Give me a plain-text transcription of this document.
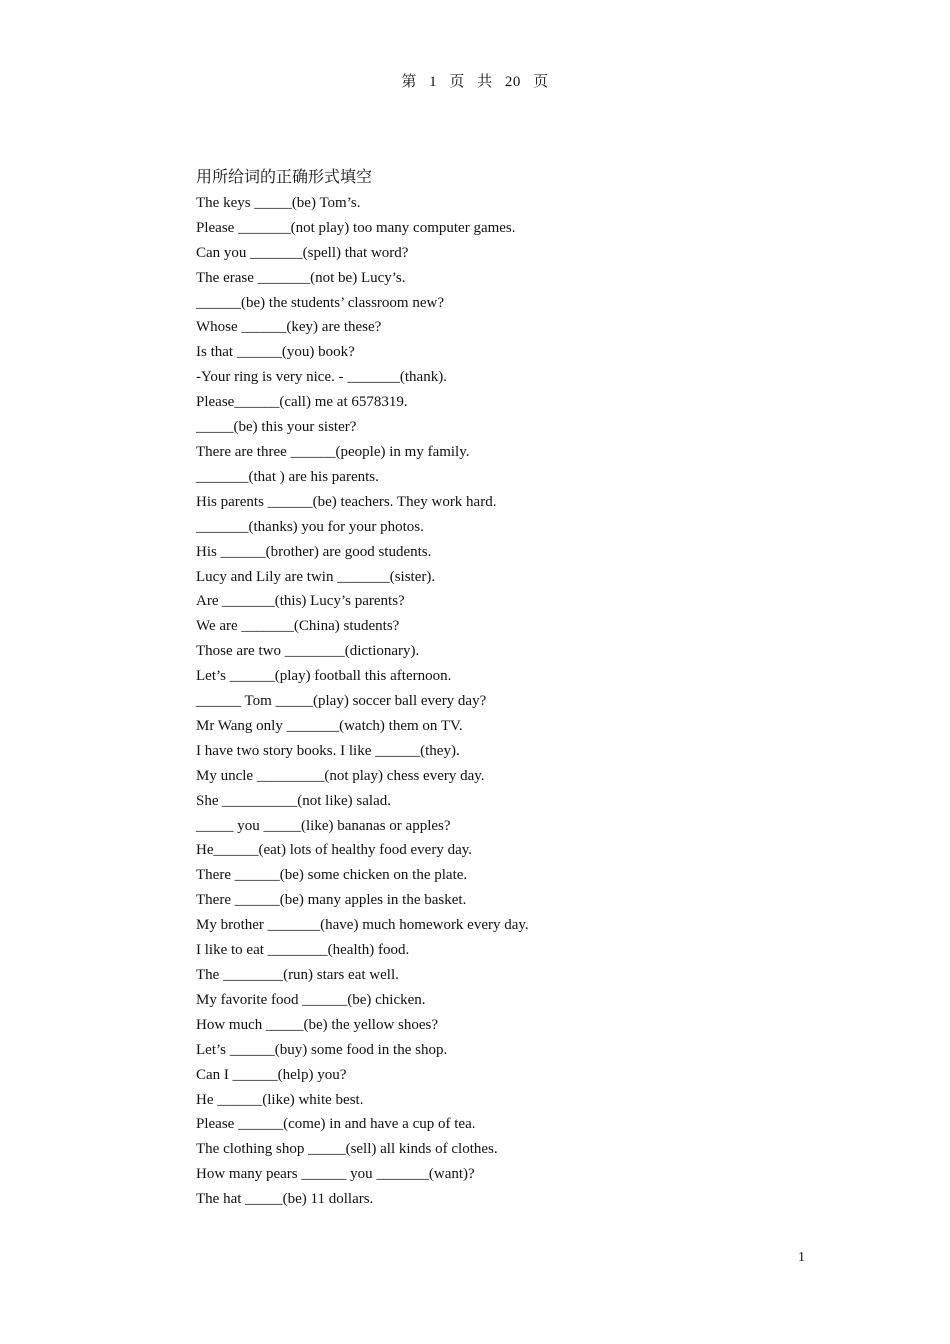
第 1 页 共 20 页
用所给词的正确形式填空
The keys _____(be) Tom’s.
Please _______(not play) too many computer games.
Can you _______(spell) that word?
The erase _______(not be) Lucy’s.
______(be) the students’ classroom new?
Whose ______(key) are these?
Is that ______(you) book?
-Your ring is very nice. - _______(thank).
Please______(call) me at 6578319.
_____(be) this your sister?
There are three ______(people) in my family.
_______(that ) are his parents.
His parents ______(be) teachers. They work hard.
_______(thanks) you for your photos.
His ______(brother) are good students.
Lucy and Lily are twin _______(sister).
Are _______(this) Lucy’s parents?
We are _______(China) students?
Those are two ________(dictionary).
Let’s ______(play) football this afternoon.
______ Tom _____(play) soccer ball every day?
Mr Wang only _______(watch) them on TV.
I have two story books. I like ______(they).
My uncle _________(not play) chess every day.
She __________(not like) salad.
_____ you _____(like) bananas or apples?
He______(eat) lots of healthy food every day.
There ______(be) some chicken on the plate.
There ______(be) many apples in the basket.
My brother _______(have) much homework every day.
I like to eat ________(health) food.
The ________(run) stars eat well.
My favorite food ______(be) chicken.
How much _____(be) the yellow shoes?
Let’s ______(buy) some food in the shop.
Can I ______(help) you?
He ______(like) white best.
Please ______(come) in and have a cup of tea.
The clothing shop _____(sell) all kinds of clothes.
How many pears ______ you _______(want)?
The hat _____(be) 11 dollars.
1
